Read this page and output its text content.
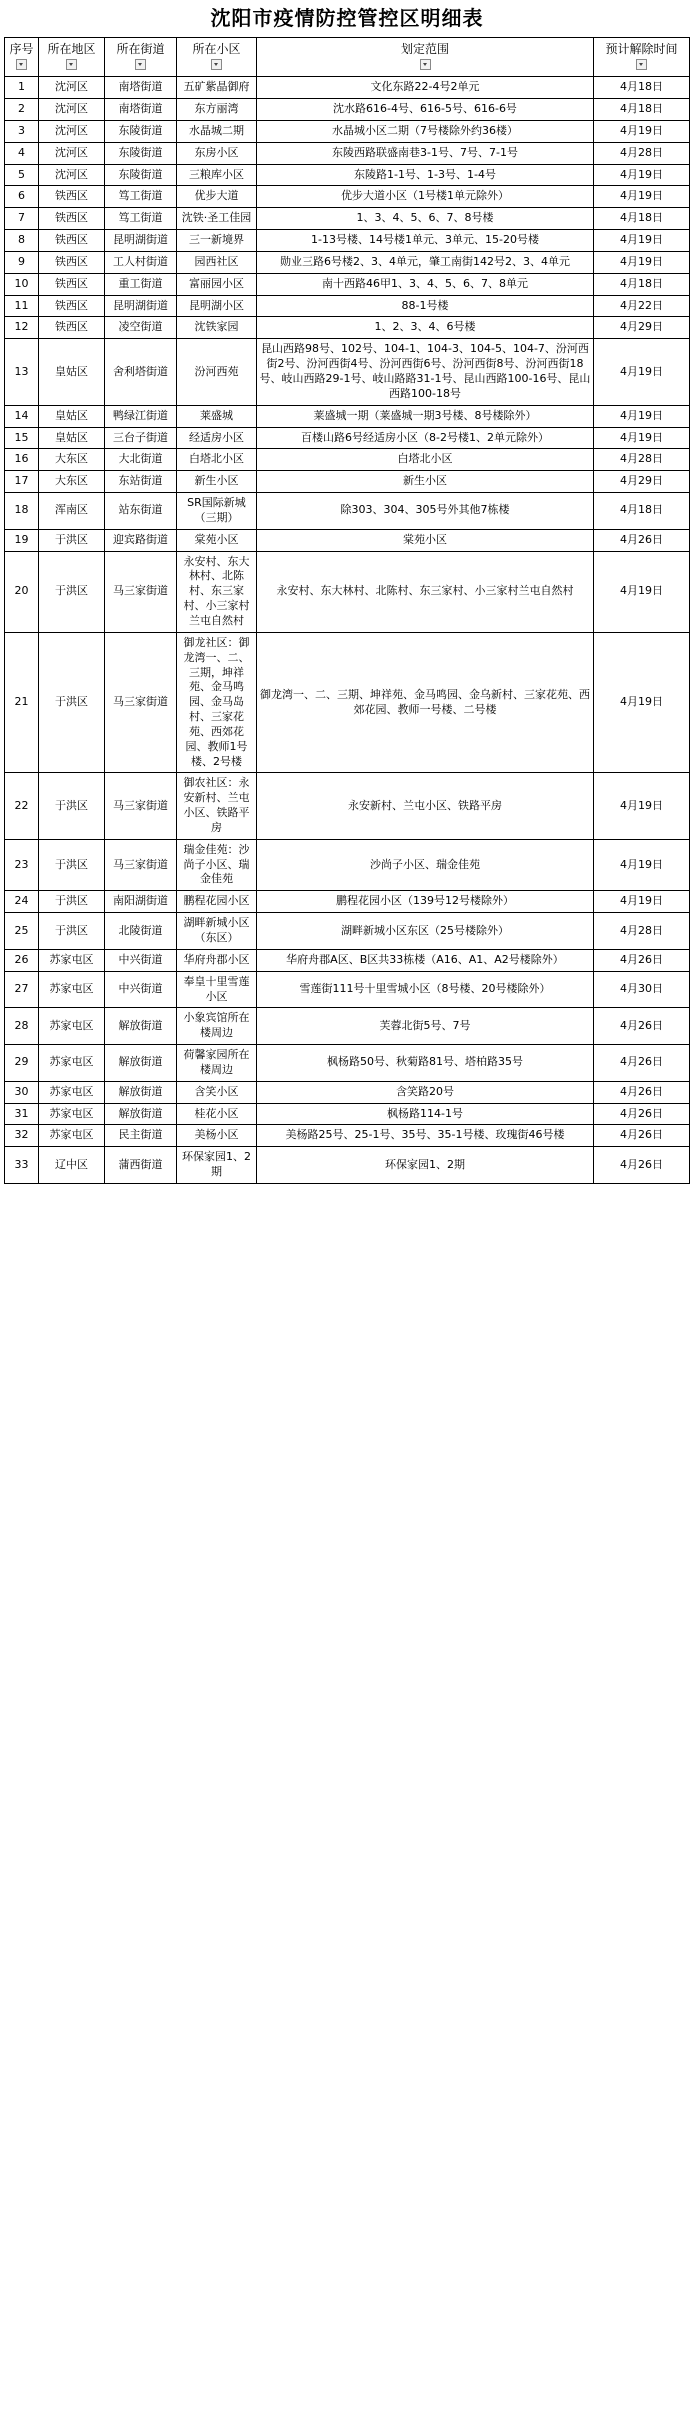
沈阳市疫情防控管控区明细表
序号	所在地区	所在街道	所在小区	划定范围	预计解除时间

1	沈河区	南塔街道	五矿紫晶御府	文化东路22-4号2单元	4月18日
2	沈河区	南塔街道	东方丽湾	沈水路616-4号、616-5号、616-6号	4月18日
3	沈河区	东陵街道	水晶城二期	水晶城小区二期（7号楼除外约36楼）	4月19日
4	沈河区	东陵街道	东房小区	东陵西路联盛南巷3-1号、7号、7-1号	4月28日
5	沈河区	东陵街道	三粮库小区	东陵路1-1号、1-3号、1-4号	4月19日
6	铁西区	笃工街道	优步大道	优步大道小区（1号楼1单元除外）	4月19日
7	铁西区	笃工街道	沈铁·圣工佳园	1、3、4、5、6、7、8号楼	4月18日
8	铁西区	昆明湖街道	三一新境界	1-13号楼、14号楼1单元、3单元、15-20号楼	4月19日
9	铁西区	工人村街道	园西社区	勋业三路6号楼2、3、4单元，肇工南街142号2、3、4单元	4月19日
10	铁西区	重工街道	富丽园小区	南十西路46甲1、3、4、5、6、7、8单元	4月18日
11	铁西区	昆明湖街道	昆明湖小区	88-1号楼	4月22日
12	铁西区	凌空街道	沈铁家园	1、2、3、4、6号楼	4月29日
13	皇姑区	舍利塔街道	汾河西苑	昆山西路98号、102号、104-1、104-3、104-5、104-7、汾河西街2号、汾河西街4号、汾河西街6号、汾河西街8号、汾河西街18号、岐山西路29-1号、岐山路路31-1号、昆山西路100-16号、昆山西路100-18号	4月19日
14	皇姑区	鸭绿江街道	莱盛城	莱盛城一期（莱盛城一期3号楼、8号楼除外）	4月19日
15	皇姑区	三台子街道	经适房小区	百楼山路6号经适房小区（8-2号楼1、2单元除外）	4月19日
16	大东区	大北街道	白塔北小区	白塔北小区	4月28日
17	大东区	东站街道	新生小区	新生小区	4月29日
18	浑南区	站东街道	SR国际新城（三期）	除303、304、305号外其他7栋楼	4月18日
19	于洪区	迎宾路街道	棠苑小区	棠苑小区	4月26日
20	于洪区	马三家街道	永安村、东大林村、北陈村、东三家村、小三家村兰屯自然村	永安村、东大林村、北陈村、东三家村、小三家村兰屯自然村	4月19日
21	于洪区	马三家街道	御龙社区：御龙湾一、二、三期，坤祥苑、金马鸣园、金马岛村、三家花苑、西郊花园、教师1号楼、2号楼	御龙湾一、二、三期、坤祥苑、金马鸣园、金乌新村、三家花苑、西郊花园、教师一号楼、二号楼	4月19日
22	于洪区	马三家街道	御农社区：永安新村、兰屯小区、铁路平房	永安新村、兰屯小区、铁路平房	4月19日
23	于洪区	马三家街道	瑞金佳苑：沙尚子小区、瑞金佳苑	沙尚子小区、瑞金佳苑	4月19日
24	于洪区	南阳湖街道	鹏程花园小区	鹏程花园小区（139号12号楼除外）	4月19日
25	于洪区	北陵街道	湖畔新城小区（东区）	湖畔新城小区东区（25号楼除外）	4月28日
26	苏家屯区	中兴街道	华府舟郡小区	华府舟郡A区、B区共33栋楼（A16、A1、A2号楼除外）	4月26日
27	苏家屯区	中兴街道	奉皇十里雪莲小区	雪莲街111号十里雪城小区（8号楼、20号楼除外）	4月30日
28	苏家屯区	解放街道	小象宾馆所在楼周边	芙蓉北街5号、7号	4月26日
29	苏家屯区	解放街道	荷馨家园所在楼周边	枫杨路50号、秋菊路81号、塔柏路35号	4月26日
30	苏家屯区	解放街道	含笑小区	含笑路20号	4月26日
31	苏家屯区	解放街道	桂花小区	枫杨路114-1号	4月26日
32	苏家屯区	民主街道	美杨小区	美杨路25号、25-1号、35号、35-1号楼、玫瑰街46号楼	4月26日
33	辽中区	蒲西街道	环保家园1、2期	环保家园1、2期	4月26日
